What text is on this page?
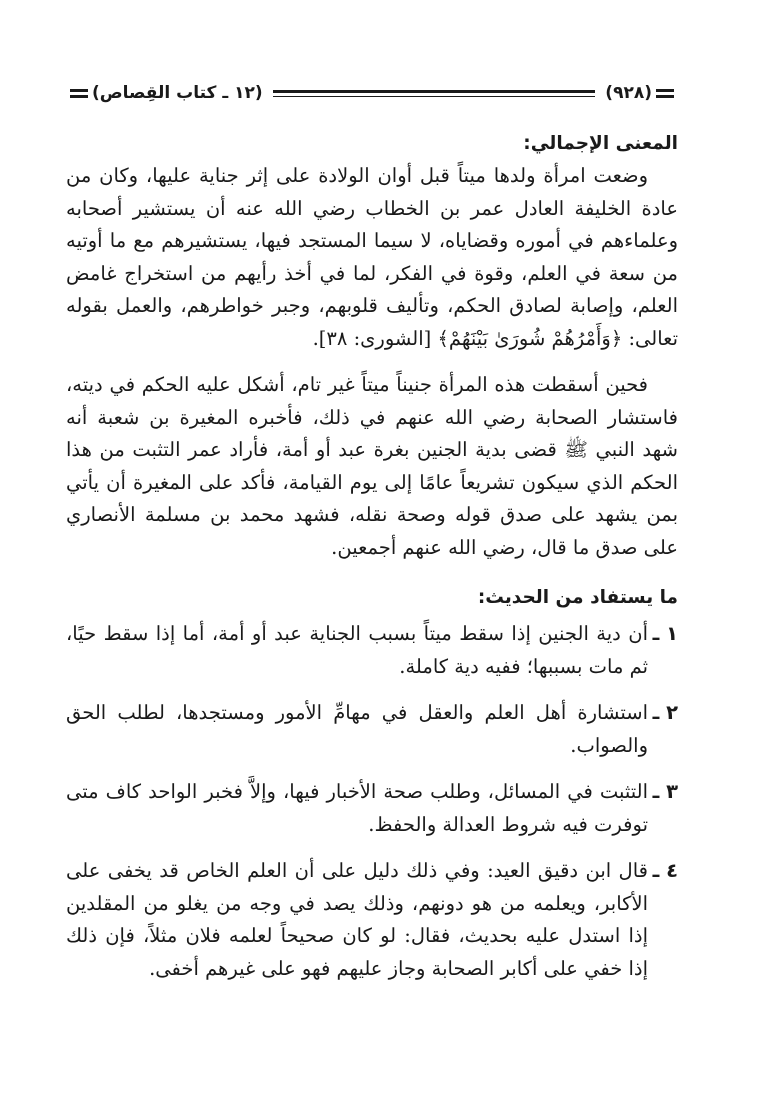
(٩٢٨)
(١٢ ـ كتاب القِصاص)
المعنى الإجمالي:

وضعت امرأة ولدها ميتاً قبل أوان الولادة على إثر جناية عليها، وكان من عادة الخليفة العادل عمر بن الخطاب رضي الله عنه أن يستشير أصحابه وعلماءهم في أموره وقضاياه، لا سيما المستجد فيها، يستشيرهم مع ما أوتيه من سعة في العلم، وقوة في الفكر، لما في أخذ رأيهم من استخراج غامض العلم، وإصابة لصادق الحكم، وتأليف قلوبهم، وجبر خواطرهم، والعمل بقوله تعالى: ﴿وَأَمْرُهُمْ شُورَىٰ بَيْنَهُمْ﴾ [الشورى: ٣٨].

فحين أسقطت هذه المرأة جنيناً ميتاً غير تام، أشكل عليه الحكم في ديته، فاستشار الصحابة رضي الله عنهم في ذلك، فأخبره المغيرة بن شعبة أنه شهد النبي ﷺ قضى بدية الجنين بغرة عبد أو أمة، فأراد عمر التثبت من هذا الحكم الذي سيكون تشريعاً عامًا إلى يوم القيامة، فأكد على المغيرة أن يأتي بمن يشهد على صدق قوله وصحة نقله، فشهد محمد بن مسلمة الأنصاري على صدق ما قال، رضي الله عنهم أجمعين.

ما يستفاد من الحديث:
١ ـ
أن دية الجنين إذا سقط ميتاً بسبب الجناية عبد أو أمة، أما إذا سقط حيًا، ثم مات بسببها؛ ففيه دية كاملة.
٢ ـ
استشارة أهل العلم والعقل في مهامِّ الأمور ومستجدها، لطلب الحق والصواب.
٣ ـ
التثبت في المسائل، وطلب صحة الأخبار فيها، وإلاَّ فخبر الواحد كاف متى توفرت فيه شروط العدالة والحفظ.
٤ ـ
قال ابن دقيق العيد: وفي ذلك دليل على أن العلم الخاص قد يخفى على الأكابر، ويعلمه من هو دونهم، وذلك يصد في وجه من يغلو من المقلدين إذا استدل عليه بحديث، فقال: لو كان صحيحاً لعلمه فلان مثلاً، فإن ذلك إذا خفي على أكابر الصحابة وجاز عليهم فهو على غيرهم أخفى.
